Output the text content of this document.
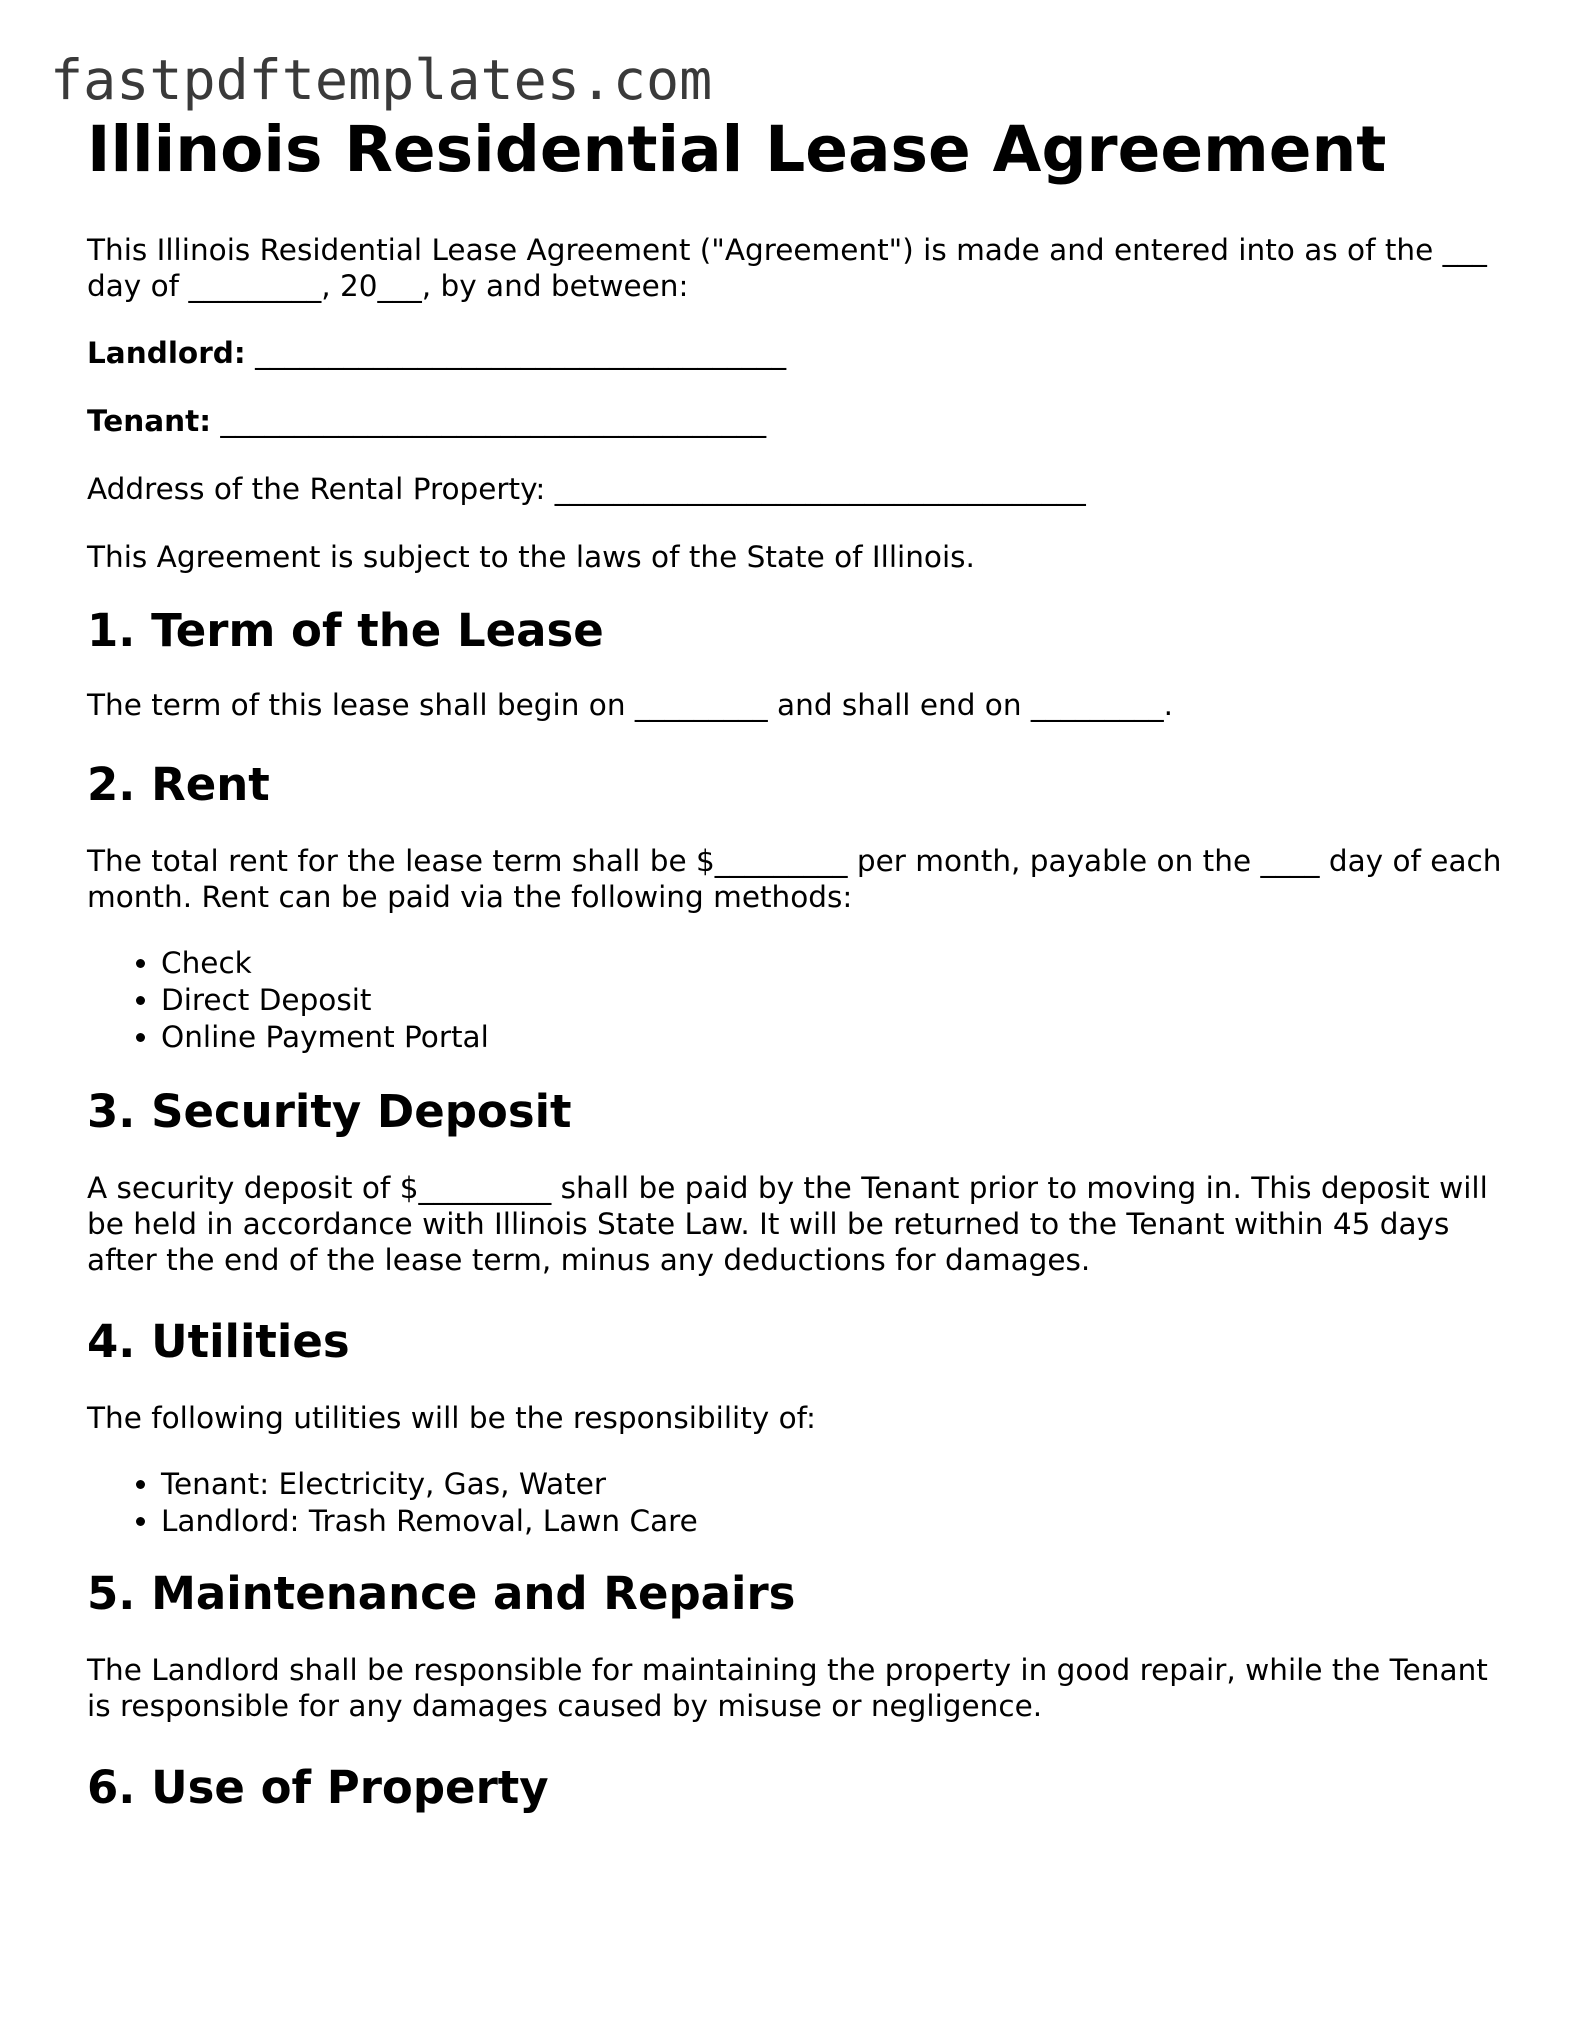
fastpdftemplates.com
Illinois Residential Lease Agreement

This Illinois Residential Lease Agreement ("Agreement") is made and entered into as of the ___ day of _________, 20___, by and between:

Landlord: ____________________________________

Tenant: _____________________________________

Address of the Rental Property: ____________________________________

This Agreement is subject to the laws of the State of Illinois.

1. Term of the Lease

The term of this lease shall begin on _________ and shall end on _________.

2. Rent

The total rent for the lease term shall be $_________ per month, payable on the ____ day of each month. Rent can be paid via the following methods:

• Check
• Direct Deposit
• Online Payment Portal
3. Security Deposit

A security deposit of $_________ shall be paid by the Tenant prior to moving in. This deposit will be held in accordance with Illinois State Law. It will be returned to the Tenant within 45 days after the end of the lease term, minus any deductions for damages.

4. Utilities

The following utilities will be the responsibility of:

• Tenant: Electricity, Gas, Water
• Landlord: Trash Removal, Lawn Care
5. Maintenance and Repairs

The Landlord shall be responsible for maintaining the property in good repair, while the Tenant is responsible for any damages caused by misuse or negligence.

6. Use of Property
